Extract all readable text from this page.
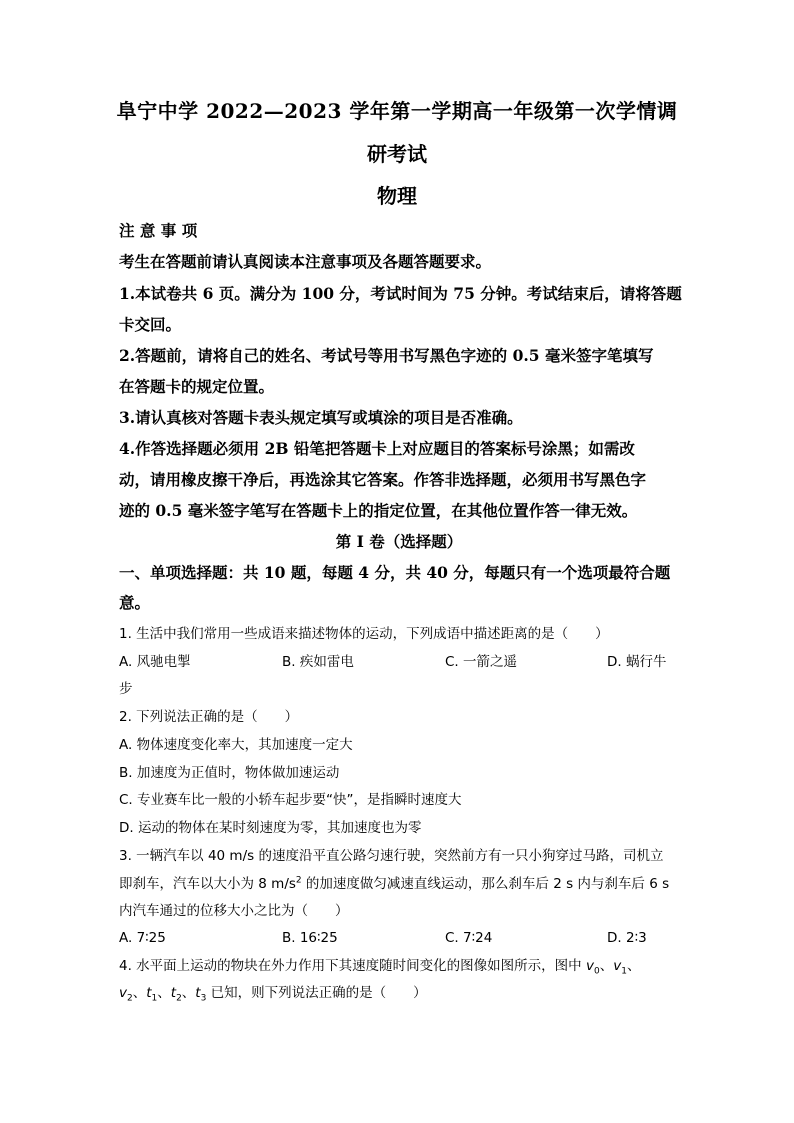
阜宁中学 2022—2023 学年第一学期高一年级第一次学情调
研考试
物理
注 意 事 项
考生在答题前请认真阅读本注意事项及各题答题要求。
1.本试卷共 6 页。满分为 100 分，考试时间为 75 分钟。考试结束后，请将答题
卡交回。
2.答题前，请将自己的姓名、考试号等用书写黑色字迹的 0.5 毫米签字笔填写
在答题卡的规定位置。
3.请认真核对答题卡表头规定填写或填涂的项目是否准确。
4.作答选择题必须用 2B 铅笔把答题卡上对应题目的答案标号涂黑；如需改
动，请用橡皮擦干净后，再选涂其它答案。作答非选择题，必须用书写黑色字
迹的 0.5 毫米签字笔写在答题卡上的指定位置，在其他位置作答一律无效。
第 I 卷（选择题）
一、单项选择题：共 10 题，每题 4 分，共 40 分，每题只有一个选项最符合题
意。
1. 生活中我们常用一些成语来描述物体的运动，下列成语中描述距离的是（　　）
A. 风驰电掣	B. 疾如雷电	C. 一箭之遥	D. 蜗行牛
步
2. 下列说法正确的是（　　）
A. 物体速度变化率大，其加速度一定大
B. 加速度为正值时，物体做加速运动
C. 专业赛车比一般的小轿车起步要“快”，是指瞬时速度大
D. 运动的物体在某时刻速度为零，其加速度也为零
3. 一辆汽车以 40 m/s 的速度沿平直公路匀速行驶，突然前方有一只小狗穿过马路，司机立
即刹车，汽车以大小为 8 $m/s^2$ 的加速度做匀减速直线运动，那么刹车后 2 s 内与刹车后 6 s
内汽车通过的位移大小之比为（　　）
A. 7∶25	B. 16∶25	C. 7∶24	D. 2∶3
4. 水平面上运动的物块在外力作用下其速度随时间变化的图像如图所示，图中 $v_0$、$v_1$、
$v_2$、$t_1$、$t_2$、$t_3$ 已知，则下列说法正确的是（　　）
